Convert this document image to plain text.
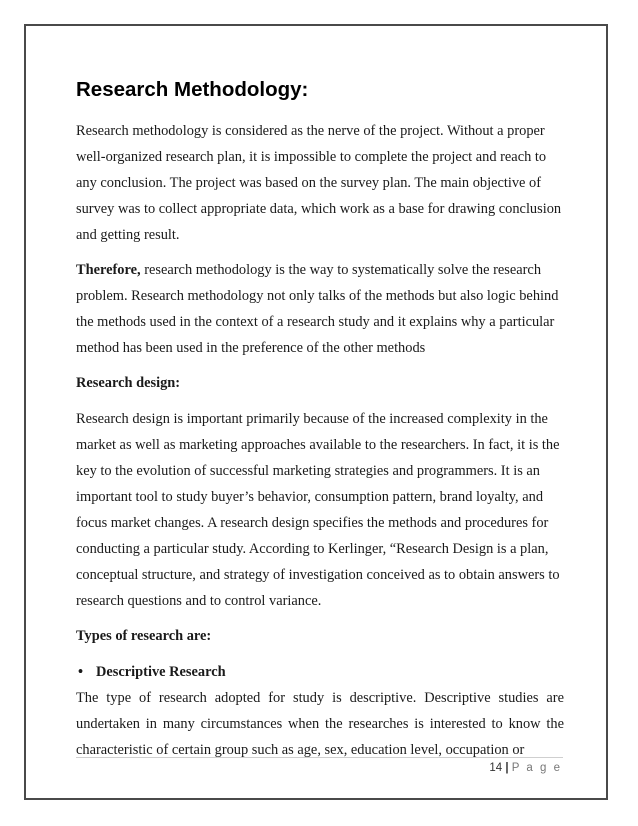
Research Methodology:

Research methodology is considered as the nerve of the project. Without a proper well-organized research plan, it is impossible to complete the project and reach to any conclusion. The project was based on the survey plan. The main objective of survey was to collect appropriate data, which work as a base for drawing conclusion and getting result.

Therefore, research methodology is the way to systematically solve the research problem. Research methodology not only talks of the methods but also logic behind the methods used in the context of a research study and it explains why a particular method has been used in the preference of the other methods

Research design:

Research design is important primarily because of the increased complexity in the market as well as marketing approaches available to the researchers. In fact, it is the key to the evolution of successful marketing strategies and programmers. It is an important tool to study buyer’s behavior, consumption pattern, brand loyalty, and focus market changes. A research design specifies the methods and procedures for conducting a particular study. According to Kerlinger, “Research Design is a plan, conceptual structure, and strategy of investigation conceived as to obtain answers to research questions and to control variance.

Types of research are:

• Descriptive Research

The type of research adopted for study is descriptive. Descriptive studies are undertaken in many circumstances when the researches is interested to know the characteristic of certain group such as age, sex, education level, occupation or

14 | P a g e
